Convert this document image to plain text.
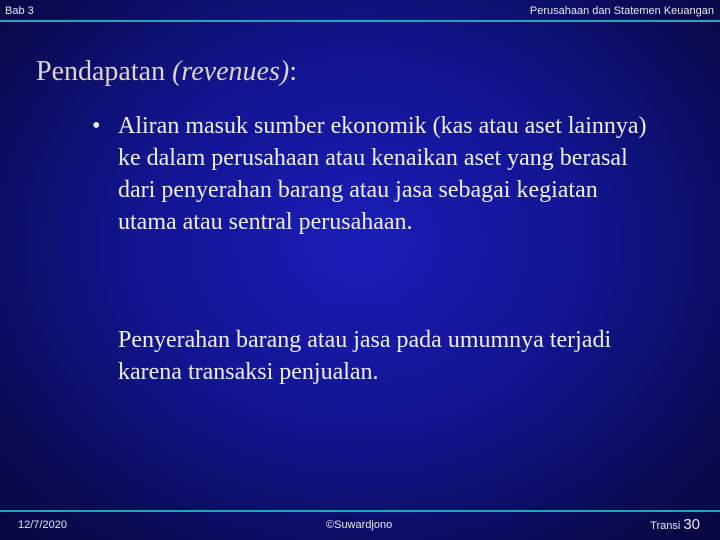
Bab 3	Perusahaan dan Statemen Keuangan
Pendapatan (revenues):
• Aliran masuk sumber ekonomik (kas atau aset lainnya) ke dalam perusahaan atau kenaikan aset yang berasal dari penyerahan barang atau jasa sebagai kegiatan utama atau sentral perusahaan.
Penyerahan barang atau jasa pada umumnya terjadi karena transaksi penjualan.
12/7/2020	©Suwardjono	Transi 30
